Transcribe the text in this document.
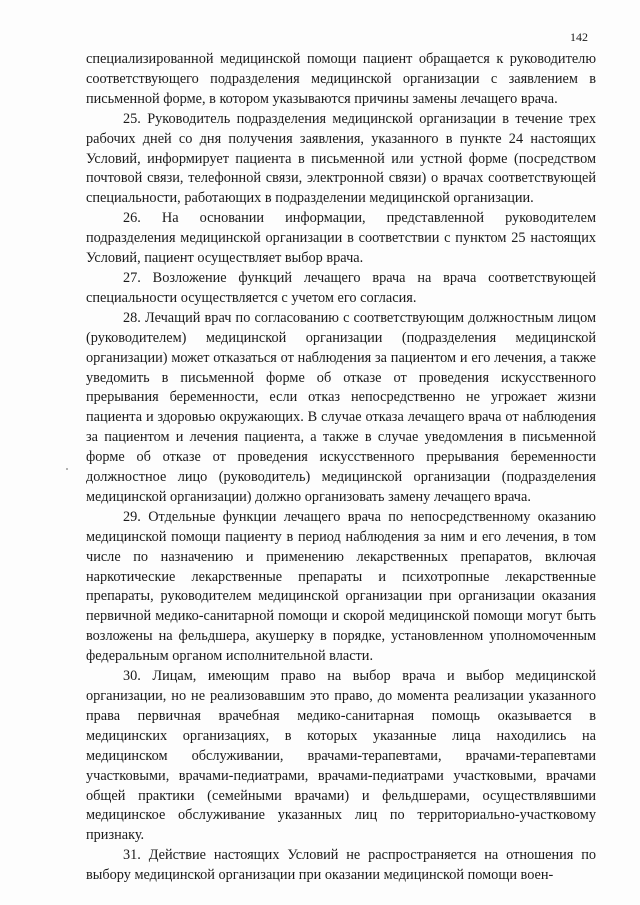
142

специализированной медицинской помощи пациент обращается к руководителю соответствующего подразделения медицинской организации с заявлением в письменной форме, в котором указываются причины замены лечащего врача.

25. Руководитель подразделения медицинской организации в течение трех рабочих дней со дня получения заявления, указанного в пункте 24 настоящих Условий, информирует пациента в письменной или устной форме (посредством почтовой связи, телефонной связи, электронной связи) о врачах соответствующей специальности, работающих в подразделении медицинской организации.

26. На основании информации, представленной руководителем подразделения медицинской организации в соответствии с пунктом 25 настоящих Условий, пациент осуществляет выбор врача.

27. Возложение функций лечащего врача на врача соответствующей специальности осуществляется с учетом его согласия.

28. Лечащий врач по согласованию с соответствующим должностным лицом (руководителем) медицинской организации (подразделения медицинской организации) может отказаться от наблюдения за пациентом и его лечения, а также уведомить в письменной форме об отказе от проведения искусственного прерывания беременности, если отказ непосредственно не угрожает жизни пациента и здоровью окружающих. В случае отказа лечащего врача от наблюдения за пациентом и лечения пациента, а также в случае уведомления в письменной форме об отказе от проведения искусственного прерывания беременности должностное лицо (руководитель) медицинской организации (подразделения медицинской организации) должно организовать замену лечащего врача.

29. Отдельные функции лечащего врача по непосредственному оказанию медицинской помощи пациенту в период наблюдения за ним и его лечения, в том числе по назначению и применению лекарственных препаратов, включая наркотические лекарственные препараты и психотропные лекарственные препараты, руководителем медицинской организации при организации оказания первичной медико-санитарной помощи и скорой медицинской помощи могут быть возложены на фельдшера, акушерку в порядке, установленном уполномоченным федеральным органом исполнительной власти.

30. Лицам, имеющим право на выбор врача и выбор медицинской организации, но не реализовавшим это право, до момента реализации указанного права первичная врачебная медико-санитарная помощь оказывается в медицинских организациях, в которых указанные лица находились на медицинском обслуживании, врачами-терапевтами, врачами-терапевтами участковыми, врачами-педиатрами, врачами-педиатрами участковыми, врачами общей практики (семейными врачами) и фельдшерами, осуществлявшими медицинское обслуживание указанных лиц по территориально-участковому признаку.

31. Действие настоящих Условий не распространяется на отношения по выбору медицинской организации при оказании медицинской помощи воен-
